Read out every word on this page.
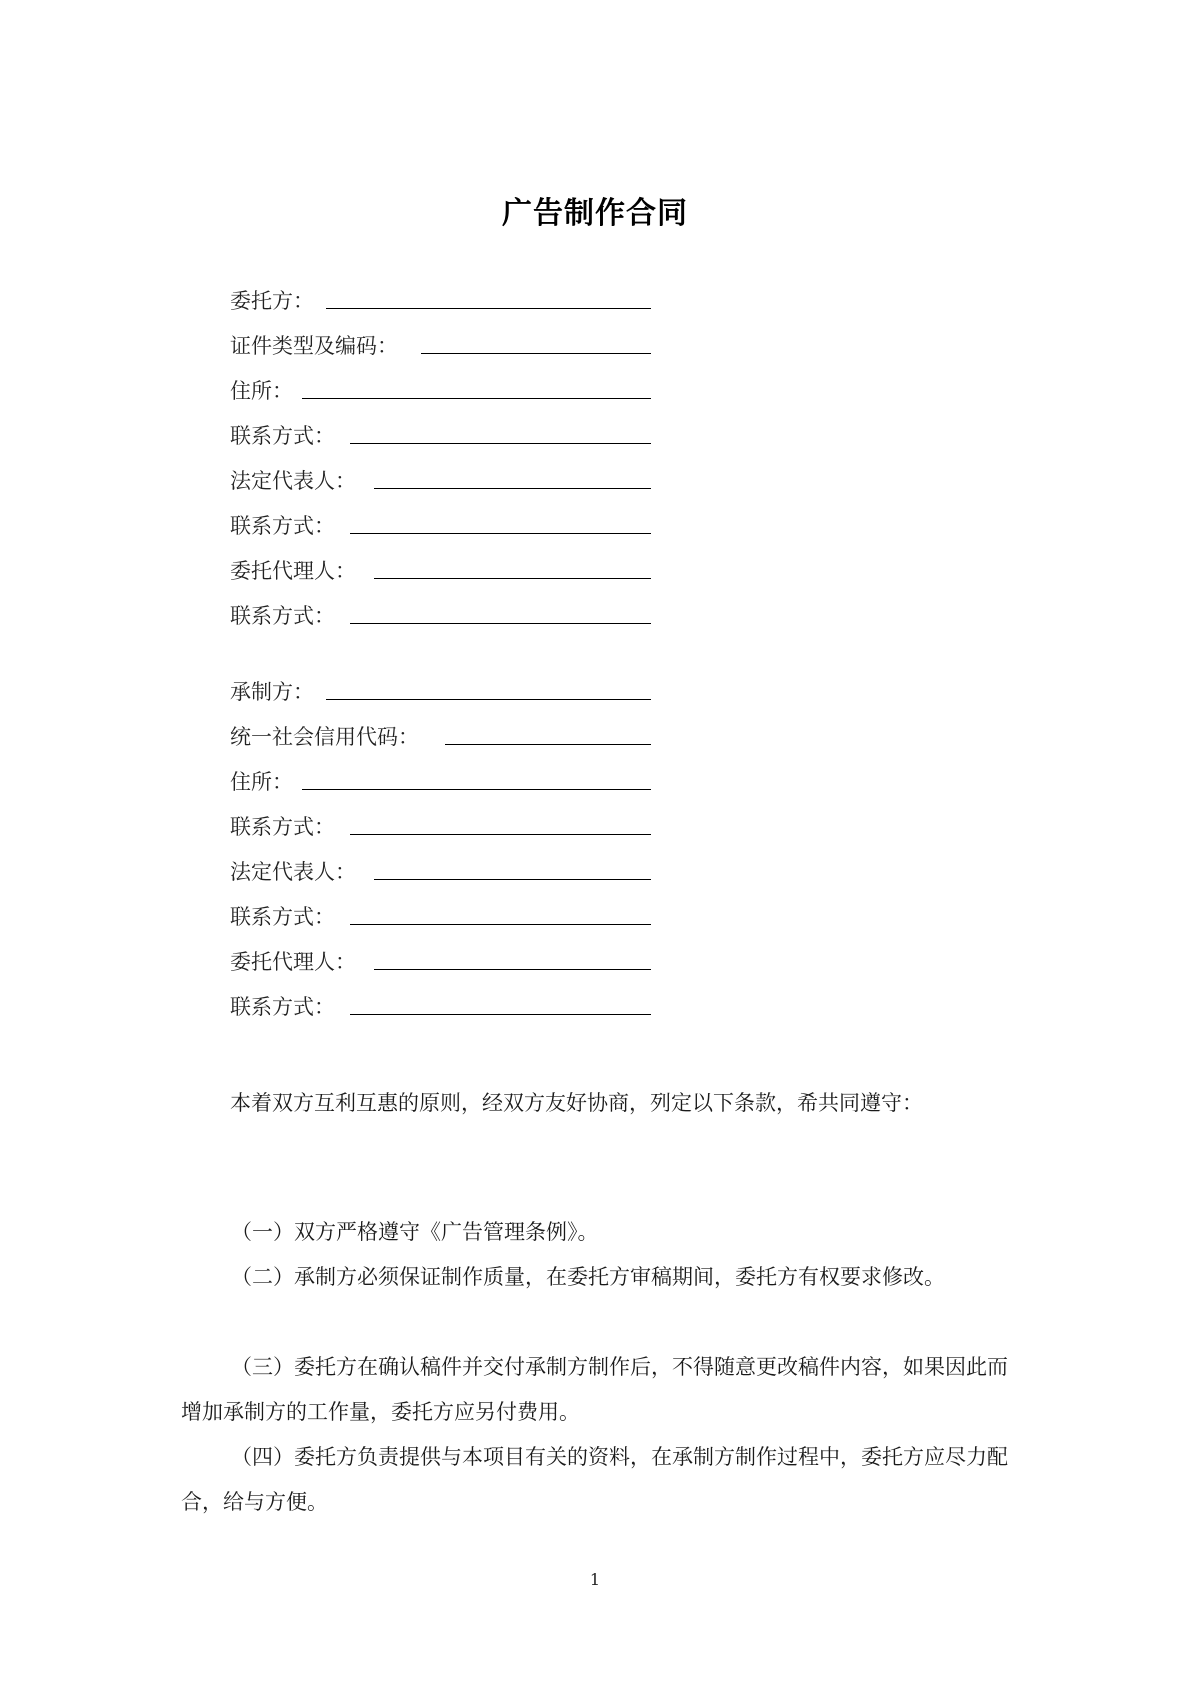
广告制作合同
委托方：
证件类型及编码：
住所：
联系方式：
法定代表人：
联系方式：
委托代理人：
联系方式：
承制方：
统一社会信用代码：
住所：
联系方式：
法定代表人：
联系方式：
委托代理人：
联系方式：
本着双方互利互惠的原则，经双方友好协商，列定以下条款，希共同遵守：
（一）双方严格遵守《广告管理条例》。
（二）承制方必须保证制作质量，在委托方审稿期间，委托方有权要求修改。
（三）委托方在确认稿件并交付承制方制作后，不得随意更改稿件内容，如果因此而增加承制方的工作量，委托方应另付费用。
（四）委托方负责提供与本项目有关的资料，在承制方制作过程中，委托方应尽力配合，给与方便。
1
